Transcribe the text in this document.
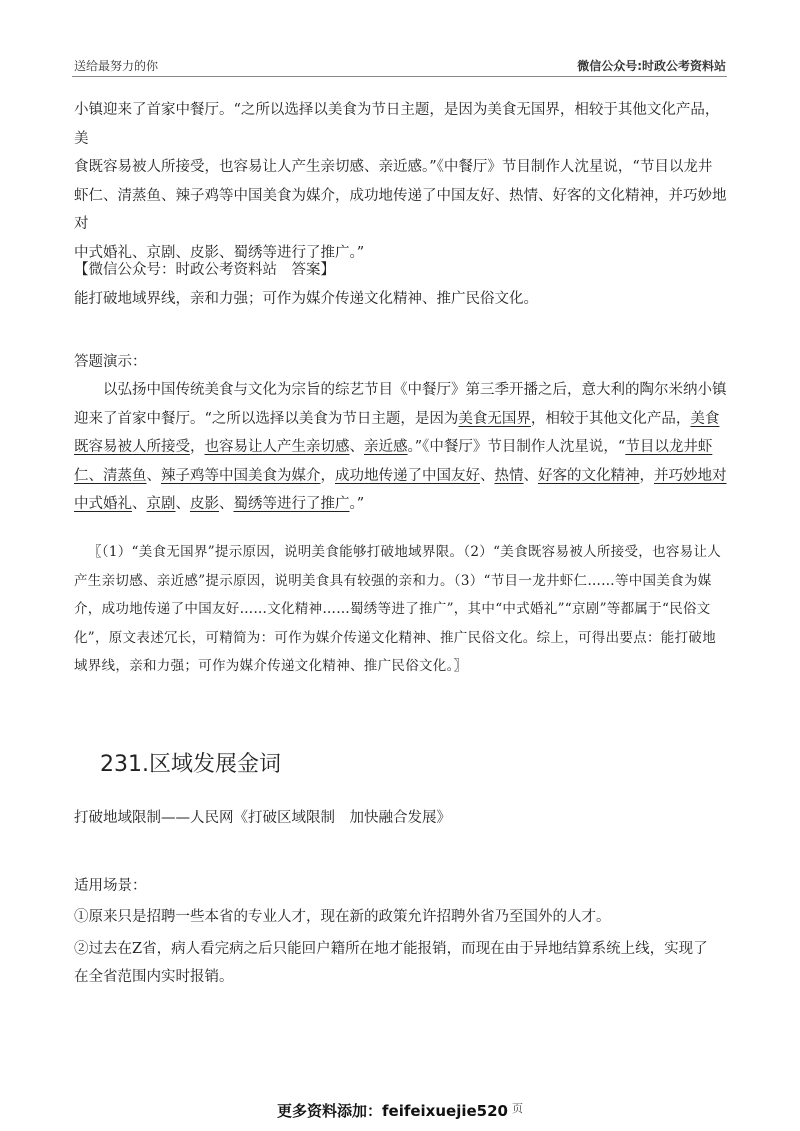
送给最努力的你	微信公众号:时政公考资料站
小镇迎来了首家中餐厅。“之所以选择以美食为节日主题，是因为美食无国界，相较于其他文化产品，美
食既容易被人所接受，也容易让人产生亲切感、亲近感。”《中餐厅》节目制作人沈星说，“节目以龙井
虾仁、清蒸鱼、辣子鸡等中国美食为媒介，成功地传递了中国友好、热情、好客的文化精神，并巧妙地对
中式婚礼、京剧、皮影、蜀绣等进行了推广。”
【微信公众号：时政公考资料站　答案】
能打破地域界线，亲和力强；可作为媒介传递文化精神、推广民俗文化。
答题演示：
以弘扬中国传统美食与文化为宗旨的综艺节目《中餐厅》第三季开播之后，意大利的陶尔米纳小镇迎来了首家中餐厅。“之所以选择以美食为节日主题，是因为美食无国界，相较于其他文化产品，美食既容易被人所接受，也容易让人产生亲切感、亲近感。”《中餐厅》节目制作人沈星说，“节目以龙井虾仁、清蒸鱼、辣子鸡等中国美食为媒介，成功地传递了中国友好、热情、好客的文化精神，并巧妙地对中式婚礼、京剧、皮影、蜀绣等进行了推广。”
〖（1）“美食无国界”提示原因，说明美食能够打破地域界限。（2）“美食既容易被人所接受，也容易让人产生亲切感、亲近感”提示原因，说明美食具有较强的亲和力。（3）“节目一龙井虾仁……等中国美食为媒介，成功地传递了中国友好……文化精神……蜀绣等进了推广”，其中“中式婚礼”“京剧”等都属于“民俗文化”，原文表述冗长，可精简为：可作为媒介传递文化精神、推广民俗文化。综上，可得出要点：能打破地域界线，亲和力强；可作为媒介传递文化精神、推广民俗文化。〗
231.区域发展金词
打破地域限制——人民网《打破区域限制　加快融合发展》
适用场景：
①原来只是招聘一些本省的专业人才，现在新的政策允许招聘外省乃至国外的人才。
②过去在Z省，病人看完病之后只能回户籍所在地才能报销，而现在由于异地结算系统上线，实现了
在全省范围内实时报销。
更多资料添加：feifeixuejie520 $^页$
